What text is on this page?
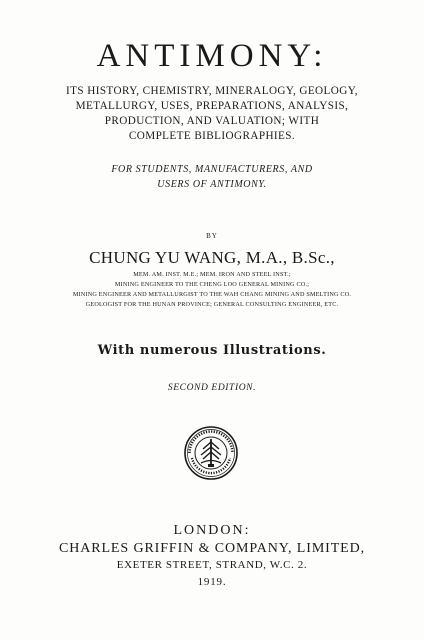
ANTIMONY:
ITS HISTORY, CHEMISTRY, MINERALOGY, GEOLOGY,
METALLURGY, USES, PREPARATIONS, ANALYSIS,
PRODUCTION, AND VALUATION; WITH
COMPLETE BIBLIOGRAPHIES.
FOR STUDENTS, MANUFACTURERS, AND
USERS OF ANTIMONY.
BY
CHUNG YU WANG, M.A., B.Sc.,
MEM. AM. INST. M.E.; MEM. IRON AND STEEL INST.;
MINING ENGINEER TO THE CHENG LOO GENERAL MINING CO.;
MINING ENGINEER AND METALLURGIST TO THE WAH CHANG MINING AND SMELTING CO.
GEOLOGIST FOR THE HUNAN PROVINCE; GENERAL CONSULTING ENGINEER, ETC.
With numerous Illustrations.
SECOND EDITION.
LONDON:
CHARLES GRIFFIN & COMPANY, LIMITED,
EXETER STREET, STRAND, W.C. 2.
1919.
